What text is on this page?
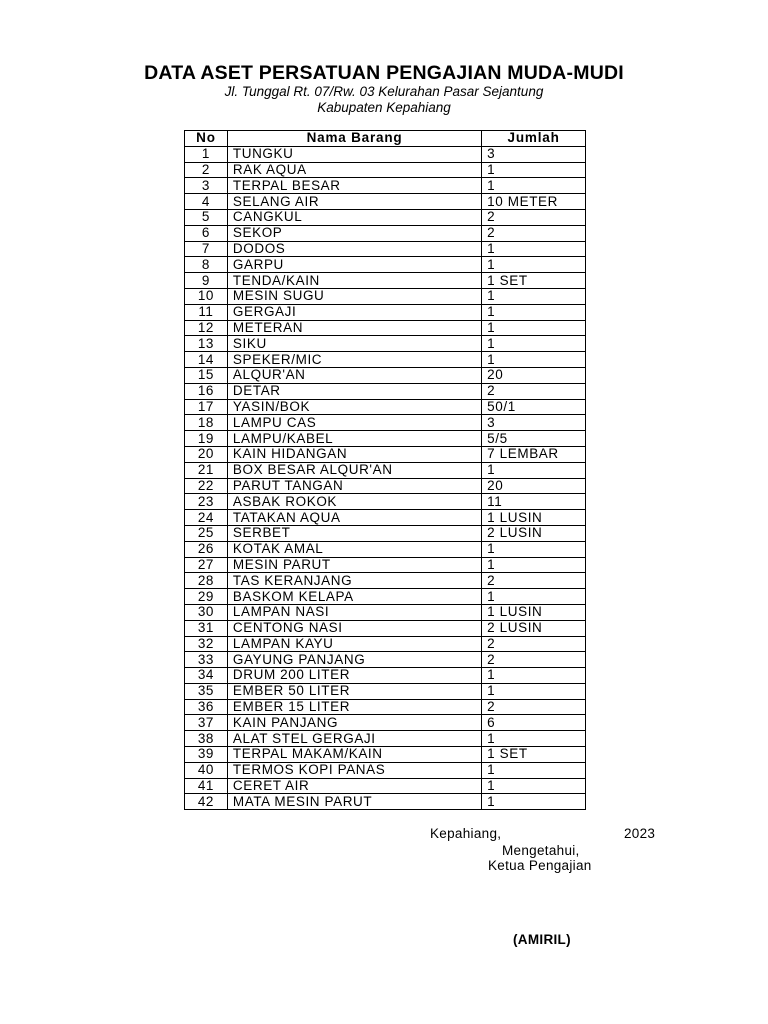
DATA ASET PERSATUAN PENGAJIAN MUDA-MUDI
Jl. Tunggal Rt. 07/Rw. 03 Kelurahan Pasar Sejantung
Kabupaten Kepahiang
No	Nama Barang	Jumlah
1	TUNGKU	3
2	RAK AQUA	1
3	TERPAL BESAR	1
4	SELANG AIR	10 METER
5	CANGKUL	2
6	SEKOP	2
7	DODOS	1
8	GARPU	1
9	TENDA/KAIN	1 SET
10	MESIN SUGU	1
11	GERGAJI	1
12	METERAN	1
13	SIKU	1
14	SPEKER/MIC	1
15	ALQUR'AN	20
16	DETAR	2
17	YASIN/BOK	50/1
18	LAMPU CAS	3
19	LAMPU/KABEL	5/5
20	KAIN HIDANGAN	7 LEMBAR
21	BOX BESAR ALQUR'AN	1
22	PARUT TANGAN	20
23	ASBAK ROKOK	11
24	TATAKAN AQUA	1 LUSIN
25	SERBET	2 LUSIN
26	KOTAK AMAL	1
27	MESIN PARUT	1
28	TAS KERANJANG	2
29	BASKOM KELAPA	1
30	LAMPAN NASI	1 LUSIN
31	CENTONG NASI	2 LUSIN
32	LAMPAN KAYU	2
33	GAYUNG PANJANG	2
34	DRUM 200 LITER	1
35	EMBER 50 LITER	1
36	EMBER 15 LITER	2
37	KAIN PANJANG	6
38	ALAT STEL GERGAJI	1
39	TERPAL MAKAM/KAIN	1 SET
40	TERMOS KOPI PANAS	1
41	CERET AIR	1
42	MATA MESIN PARUT	1
Kepahiang,	2023
Mengetahui,
Ketua Pengajian
(AMIRIL)
